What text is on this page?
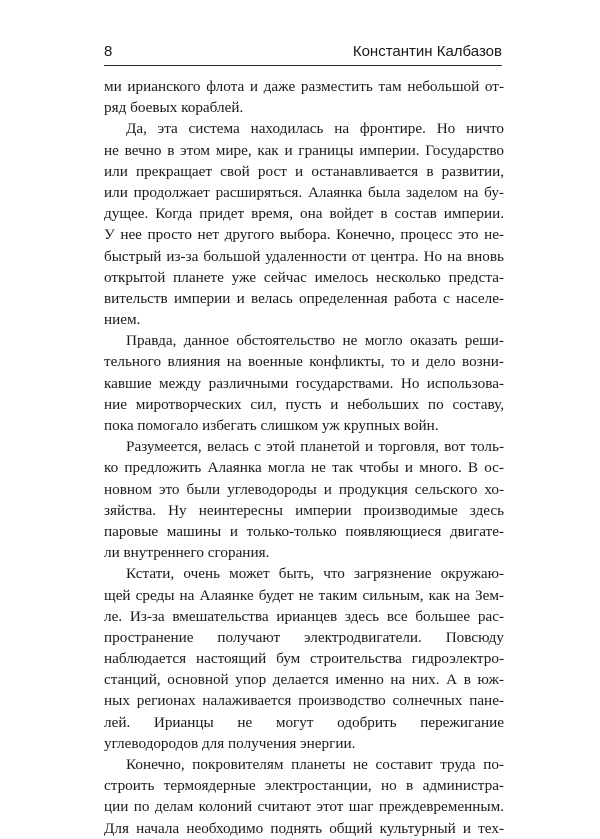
8	Константин Калбазов
ми ирианского флота и даже разместить там небольшой от-
ряд боевых кораблей.
Да, эта система находилась на фронтире. Но ничто
не вечно в этом мире, как и границы империи. Государство
или прекращает свой рост и останавливается в развитии,
или продолжает расширяться. Алаянка была заделом на бу-
дущее. Когда придет время, она войдет в состав империи.
У нее просто нет другого выбора. Конечно, процесс это не-
быстрый из-за большой удаленности от центра. Но на вновь
открытой планете уже сейчас имелось несколько предста-
вительств империи и велась определенная работа с населе-
нием.
Правда, данное обстоятельство не могло оказать реши-
тельного влияния на военные конфликты, то и дело возни-
кавшие между различными государствами. Но использова-
ние миротворческих сил, пусть и небольших по составу,
пока помогало избегать слишком уж крупных войн.
Разумеется, велась с этой планетой и торговля, вот толь-
ко предложить Алаянка могла не так чтобы и много. В ос-
новном это были углеводороды и продукция сельского хо-
зяйства. Ну неинтересны империи производимые здесь
паровые машины и только-только появляющиеся двигате-
ли внутреннего сгорания.
Кстати, очень может быть, что загрязнение окружаю-
щей среды на Алаянке будет не таким сильным, как на Зем-
ле. Из-за вмешательства ирианцев здесь все большее рас-
пространение получают электродвигатели. Повсюду
наблюдается настоящий бум строительства гидроэлектро-
станций, основной упор делается именно на них. А в юж-
ных регионах налаживается производство солнечных пане-
лей. Ирианцы не могут одобрить пережигание
углеводородов для получения энергии.
Конечно, покровителям планеты не составит труда по-
строить термоядерные электростанции, но в администра-
ции по делам колоний считают этот шаг преждевременным.
Для начала необходимо поднять общий культурный и тех-
